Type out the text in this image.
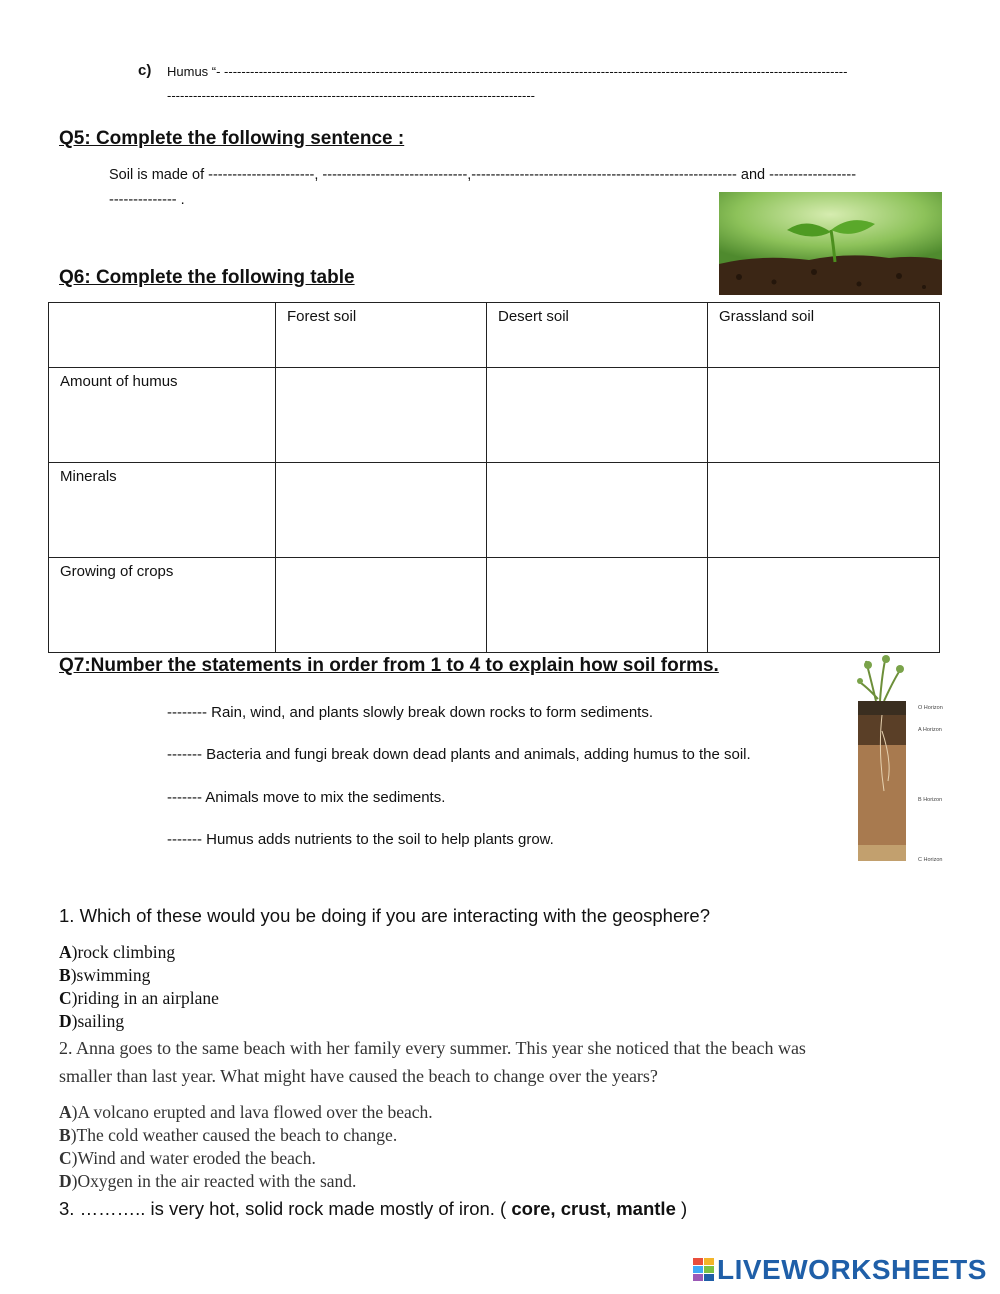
c) Humus “- ------------------------------------------------------------------------------------------------------------------------------------------------
-------------------------------------------------------------------------------------
Q5: Complete the following sentence :
Soil is made of ----------------------, ------------------------------,------------------------------------------------------- and ------------------
-------------- .
Q6: Complete the following table
	Forest soil	Desert soil	Grassland soil
Amount of humus			
Minerals			
Growing of crops			
Q7:Number the statements in order from 1 to 4 to explain how soil forms.
-------- Rain, wind, and plants slowly break down rocks to form sediments.
------- Bacteria and fungi break down dead plants and animals, adding humus to the soil.
------- Animals move to mix the sediments.
------- Humus adds nutrients to the soil to help plants grow.
O Horizon
A Horizon
B Horizon
C Horizon
1. Which of these would you be doing if you are interacting with the geosphere?
A)rock climbing
B)swimming
C)riding in an airplane
D)sailing
2. Anna goes to the same beach with her family every summer. This year she noticed that the beach was
smaller than last year. What might have caused the beach to change over the years?
A)A volcano erupted and lava flowed over the beach.
B)The cold weather caused the beach to change.
C)Wind and water eroded the beach.
D)Oxygen in the air reacted with the sand.
3. ……….. is very hot, solid rock made mostly of iron. ( core, crust, mantle )
LIVEWORKSHEETS
